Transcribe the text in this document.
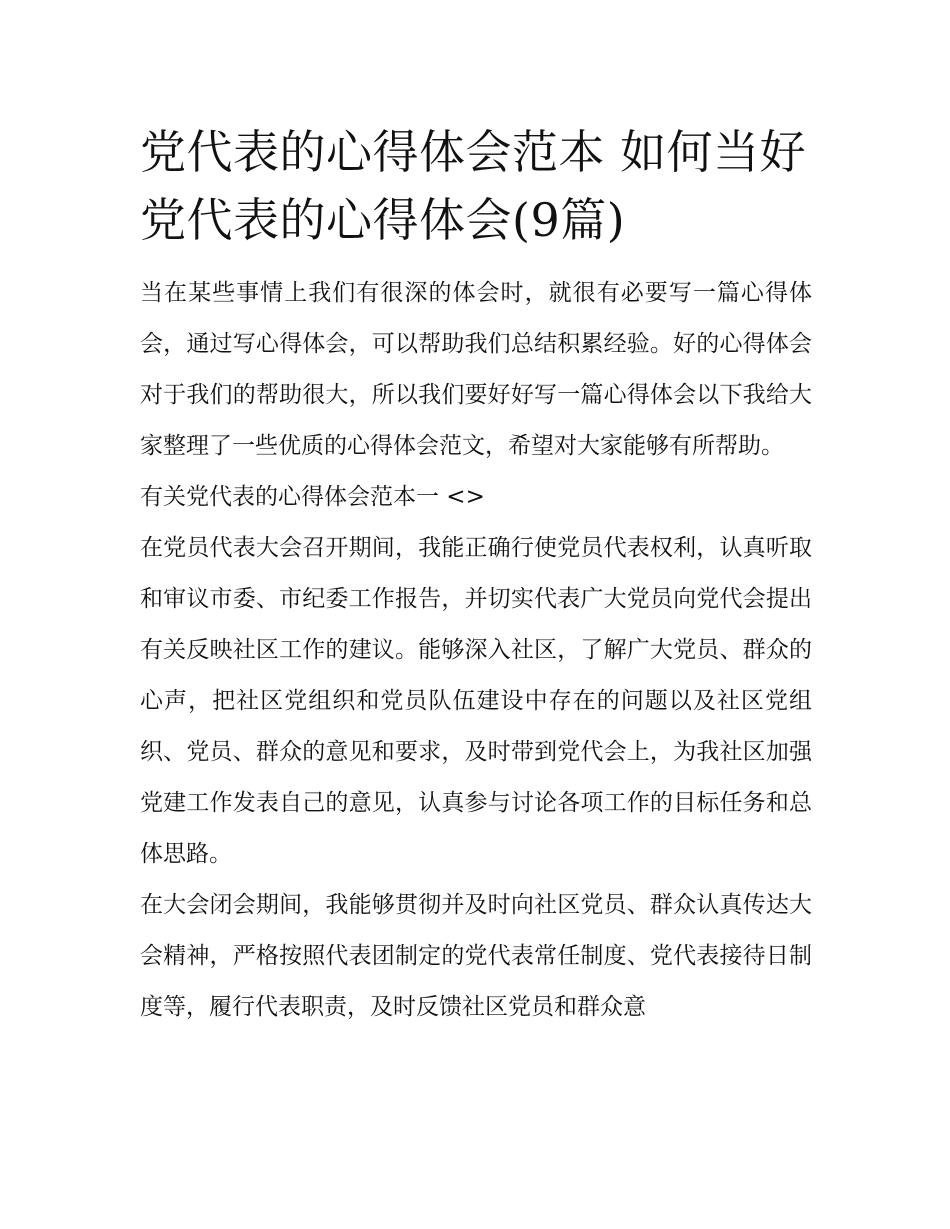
党代表的心得体会范本 如何当好党代表的心得体会(9篇)

当在某些事情上我们有很深的体会时，就很有必要写一篇心得体会，通过写心得体会，可以帮助我们总结积累经验。好的心得体会对于我们的帮助很大，所以我们要好好写一篇心得体会以下我给大家整理了一些优质的心得体会范文，希望对大家能够有所帮助。

有关党代表的心得体会范本一 <>

在党员代表大会召开期间，我能正确行使党员代表权利，认真听取和审议市委、市纪委工作报告，并切实代表广大党员向党代会提出有关反映社区工作的建议。能够深入社区，了解广大党员、群众的心声，把社区党组织和党员队伍建设中存在的问题以及社区党组织、党员、群众的意见和要求，及时带到党代会上，为我社区加强党建工作发表自己的意见，认真参与讨论各项工作的目标任务和总体思路。

在大会闭会期间，我能够贯彻并及时向社区党员、群众认真传达大会精神，严格按照代表团制定的党代表常任制度、党代表接待日制度等，履行代表职责，及时反馈社区党员和群众意
